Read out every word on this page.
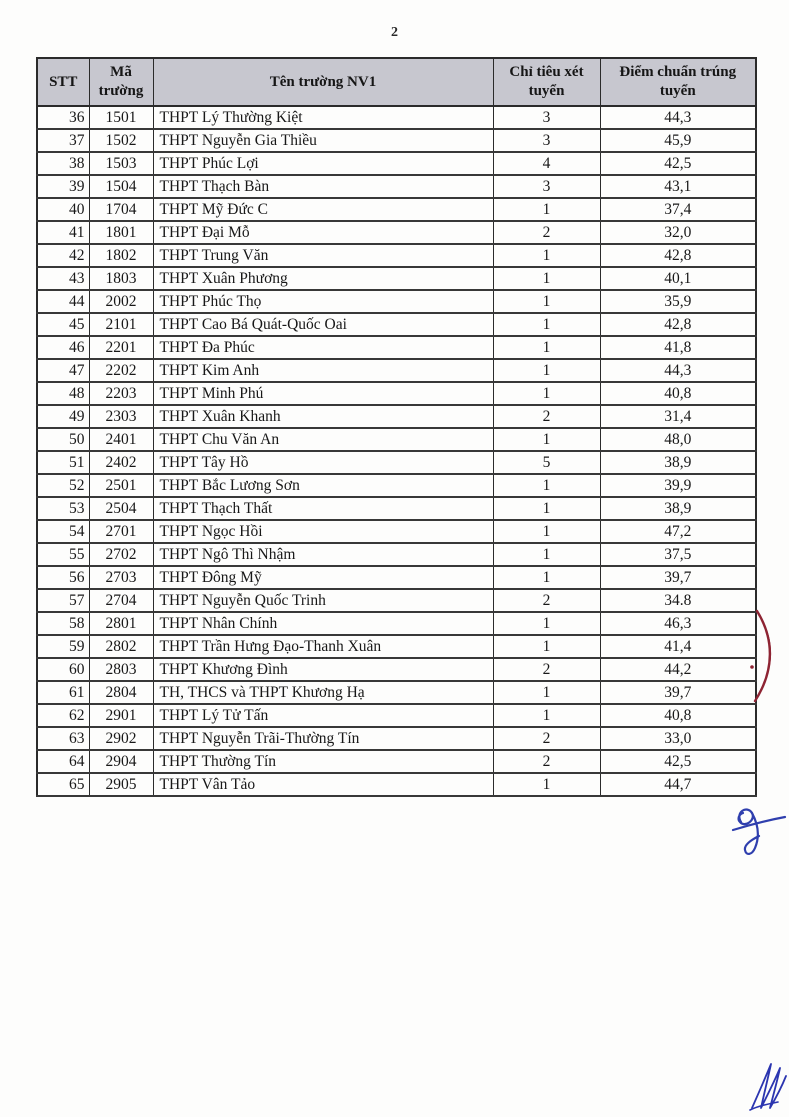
2
STT	Mã trường	Tên trường NV1	Chỉ tiêu xét tuyển	Điểm chuẩn trúng tuyển
36	1501	THPT Lý Thường Kiệt	3	44,3
37	1502	THPT Nguyễn Gia Thiều	3	45,9
38	1503	THPT Phúc Lợi	4	42,5
39	1504	THPT Thạch Bàn	3	43,1
40	1704	THPT Mỹ Đức C	1	37,4
41	1801	THPT Đại Mỗ	2	32,0
42	1802	THPT Trung Văn	1	42,8
43	1803	THPT Xuân Phương	1	40,1
44	2002	THPT Phúc Thọ	1	35,9
45	2101	THPT Cao Bá Quát-Quốc Oai	1	42,8
46	2201	THPT Đa Phúc	1	41,8
47	2202	THPT Kim Anh	1	44,3
48	2203	THPT Minh Phú	1	40,8
49	2303	THPT Xuân Khanh	2	31,4
50	2401	THPT Chu Văn An	1	48,0
51	2402	THPT Tây Hồ	5	38,9
52	2501	THPT Bắc Lương Sơn	1	39,9
53	2504	THPT Thạch Thất	1	38,9
54	2701	THPT Ngọc Hồi	1	47,2
55	2702	THPT Ngô Thì Nhậm	1	37,5
56	2703	THPT Đông Mỹ	1	39,7
57	2704	THPT Nguyễn Quốc Trinh	2	34.8
58	2801	THPT Nhân Chính	1	46,3
59	2802	THPT Trần Hưng Đạo-Thanh Xuân	1	41,4
60	2803	THPT Khương Đình	2	44,2
61	2804	TH, THCS và THPT Khương Hạ	1	39,7
62	2901	THPT Lý Tử Tấn	1	40,8
63	2902	THPT Nguyễn Trãi-Thường Tín	2	33,0
64	2904	THPT Thường Tín	2	42,5
65	2905	THPT Vân Tảo	1	44,7
